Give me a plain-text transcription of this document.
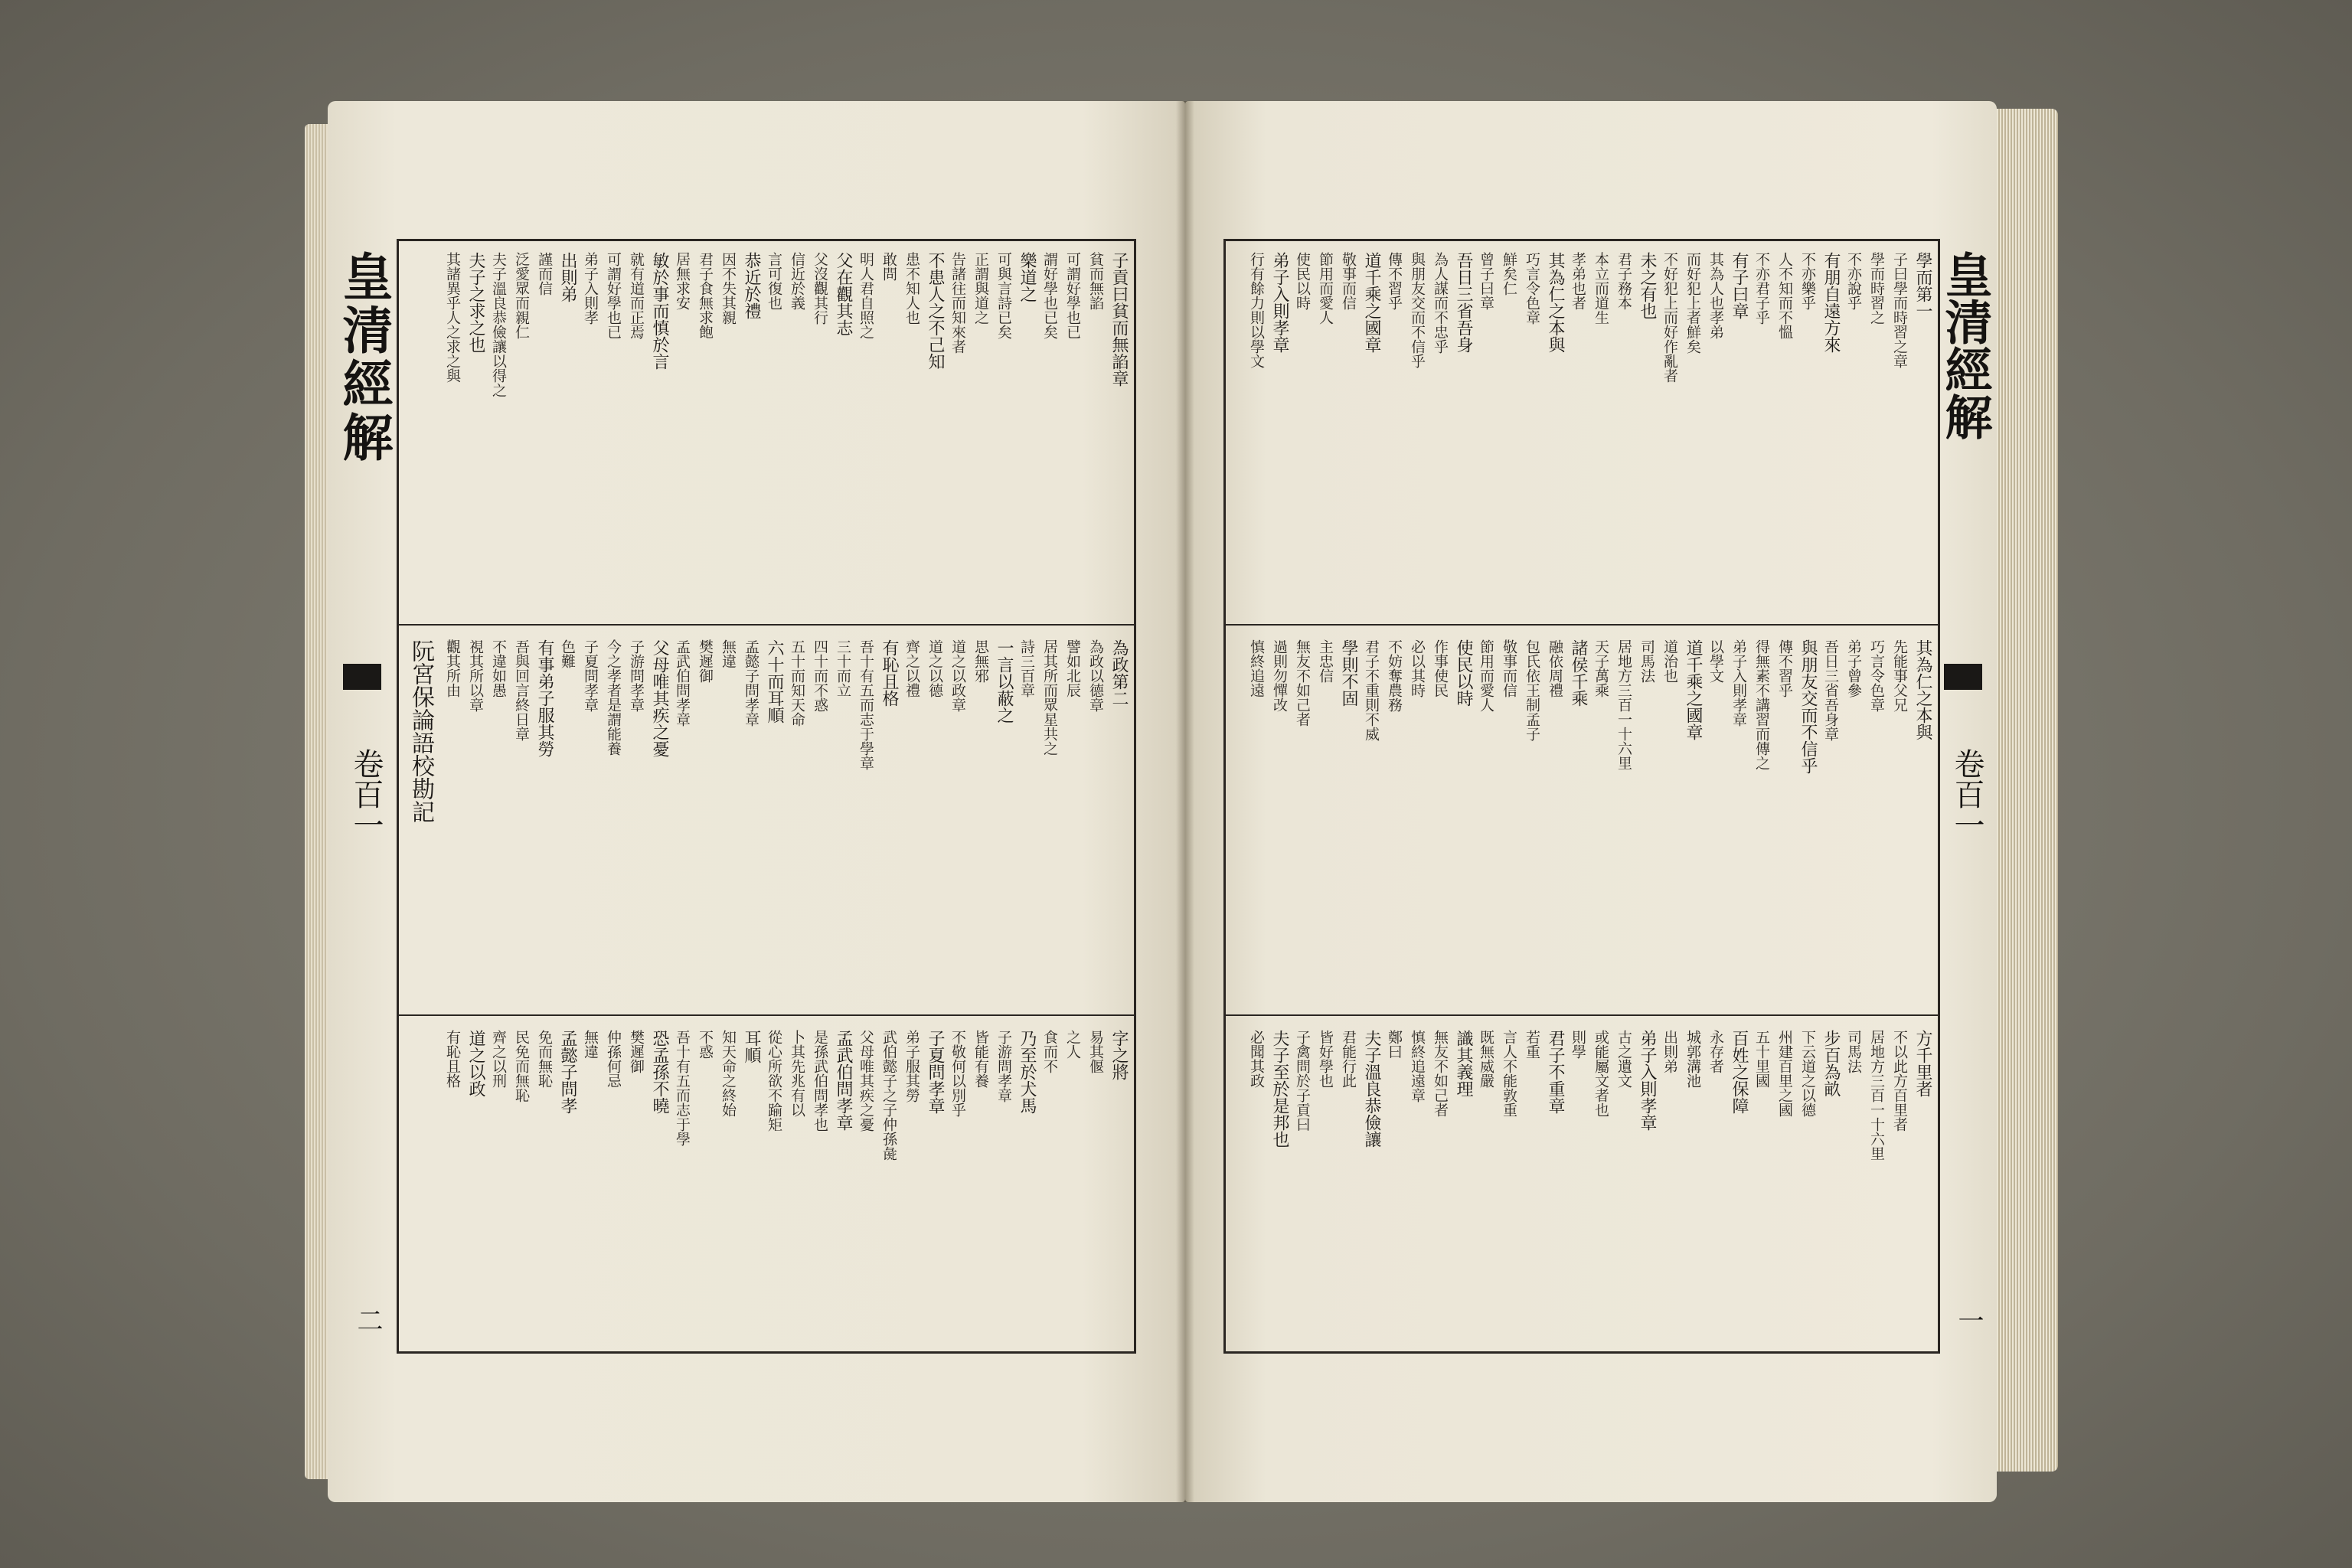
子貢曰貧而無諂章
貧而無諂
可謂好學也已
謂好學也已矣
樂道之
可與言詩已矣
正謂與道之
告諸往而知來者
不患人之不己知
患不知人也
敢問
明人君自照之
父在觀其志
父沒觀其行
信近於義
言可復也
恭近於禮
因不失其親
君子食無求飽
居無求安
敏於事而慎於言
就有道而正焉
可謂好學也已
弟子入則孝
出則弟
謹而信
泛愛眾而親仁
夫子溫良恭儉讓以得之
夫子之求之也
其諸異乎人之求之與
為政第二
為政以德章
譬如北辰
居其所而眾星共之
詩三百章
一言以蔽之
思無邪
道之以政章
道之以德
齊之以禮
有恥且格
吾十有五而志于學章
三十而立
四十而不惑
五十而知天命
六十而耳順
孟懿子問孝章
無違
樊遲御
孟武伯問孝章
父母唯其疾之憂
子游問孝章
今之孝者是謂能養
子夏問孝章
色難
有事弟子服其勞
吾與回言終日章
不違如愚
視其所以章
觀其所由
字之將
易其偃
之人
食而不
乃至於犬馬
子游問孝章
皆能有養
不敬何以別乎
子夏問孝章
弟子服其勞
武伯懿子之子仲孫彘
父母唯其疾之憂
孟武伯問孝章
是孫武伯問孝也
卜其先兆有以
從心所欲不踰矩
耳順
知天命之終始
不惑
吾十有五而志于學
恐孟孫不曉
樊遲御
仲孫何忌
無違
孟懿子問孝
免而無恥
民免而無恥
齊之以刑
道之以政
有恥且格
阮宮保論語校勘記
皇清經解
卷百一
二
學而第一
子曰學而時習之章
學而時習之
不亦說乎
有朋自遠方來
不亦樂乎
人不知而不慍
不亦君子乎
有子曰章
其為人也孝弟
而好犯上者鮮矣
不好犯上而好作亂者
未之有也
君子務本
本立而道生
孝弟也者
其為仁之本與
巧言令色章
鮮矣仁
曾子曰章
吾日三省吾身
為人謀而不忠乎
與朋友交而不信乎
傳不習乎
道千乘之國章
敬事而信
節用而愛人
使民以時
弟子入則孝章
行有餘力則以學文
其為仁之本與
先能事父兄
巧言令色章
弟子曾參
吾日三省吾身章
與朋友交而不信乎
傳不習乎
得無素不講習而傳之
弟子入則孝章
以學文
道千乘之國章
道治也
司馬法
居地方三百一十六里
天子萬乘
諸侯千乘
融依周禮
包氏依王制孟子
敬事而信
節用而愛人
使民以時
作事使民
必以其時
不妨奪農務
君子不重則不威
學則不固
主忠信
無友不如己者
過則勿憚改
慎終追遠
方千里者
不以此方百里者
居地方三百一十六里
司馬法
步百為畝
下云道之以德
州建百里之國
五十里國
百姓之保障
永存者
城郭溝池
出則弟
弟子入則孝章
古之遺文
或能屬文者也
則學
君子不重章
若重
言人不能敦重
既無威嚴
識其義理
無友不如己者
慎終追遠章
鄭曰
夫子溫良恭儉讓
君能行此
皆好學也
子禽問於子貢曰
夫子至於是邦也
必聞其政
皇清經解
卷百一
一
